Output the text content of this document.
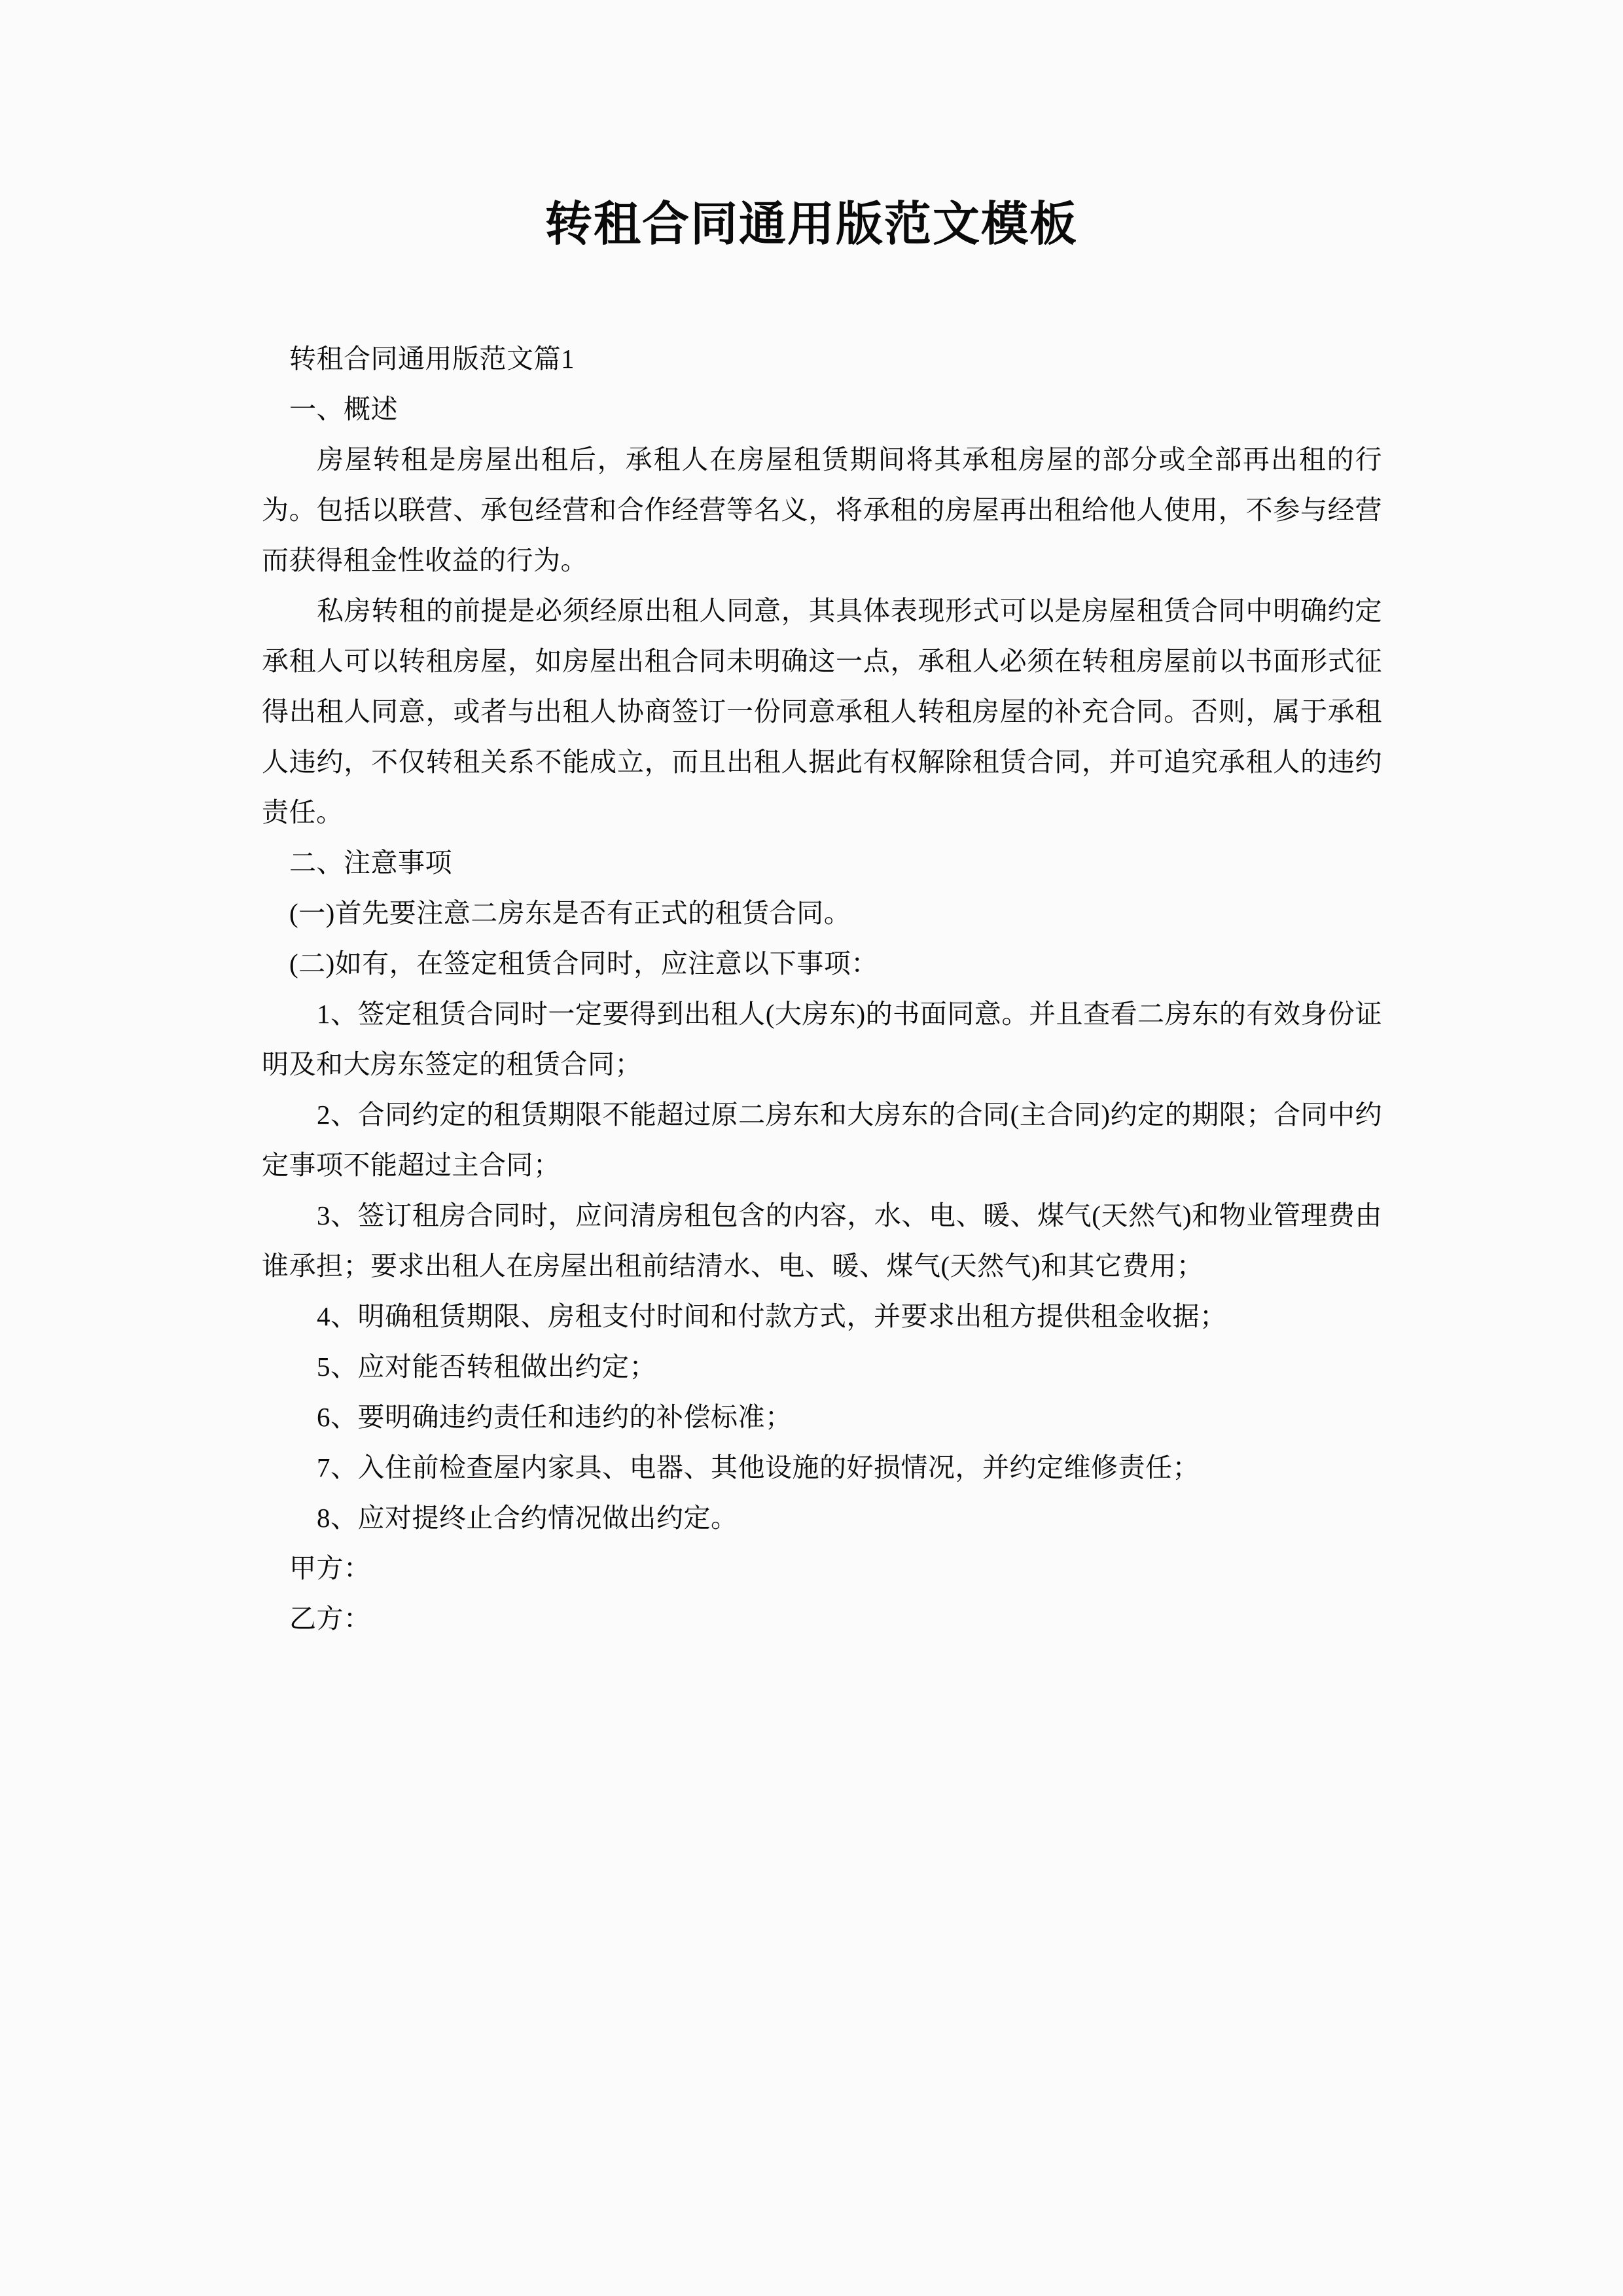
转租合同通用版范文模板

转租合同通用版范文篇1

一、概述

房屋转租是房屋出租后，承租人在房屋租赁期间将其承租房屋的部分或全部再出租的行为。包括以联营、承包经营和合作经营等名义，将承租的房屋再出租给他人使用，不参与经营而获得租金性收益的行为。

私房转租的前提是必须经原出租人同意，其具体表现形式可以是房屋租赁合同中明确约定承租人可以转租房屋，如房屋出租合同未明确这一点，承租人必须在转租房屋前以书面形式征得出租人同意，或者与出租人协商签订一份同意承租人转租房屋的补充合同。否则，属于承租人违约，不仅转租关系不能成立，而且出租人据此有权解除租赁合同，并可追究承租人的违约责任。

二、注意事项

(一)首先要注意二房东是否有正式的租赁合同。

(二)如有，在签定租赁合同时，应注意以下事项：

1、签定租赁合同时一定要得到出租人(大房东)的书面同意。并且查看二房东的有效身份证明及和大房东签定的租赁合同；

2、合同约定的租赁期限不能超过原二房东和大房东的合同(主合同)约定的期限；合同中约定事项不能超过主合同；

3、签订租房合同时，应问清房租包含的内容，水、电、暖、煤气(天然气)和物业管理费由谁承担；要求出租人在房屋出租前结清水、电、暖、煤气(天然气)和其它费用；

4、明确租赁期限、房租支付时间和付款方式，并要求出租方提供租金收据；

5、应对能否转租做出约定；

6、要明确违约责任和违约的补偿标准；

7、入住前检查屋内家具、电器、其他设施的好损情况，并约定维修责任；

8、应对提终止合约情况做出约定。

甲方：

乙方：
